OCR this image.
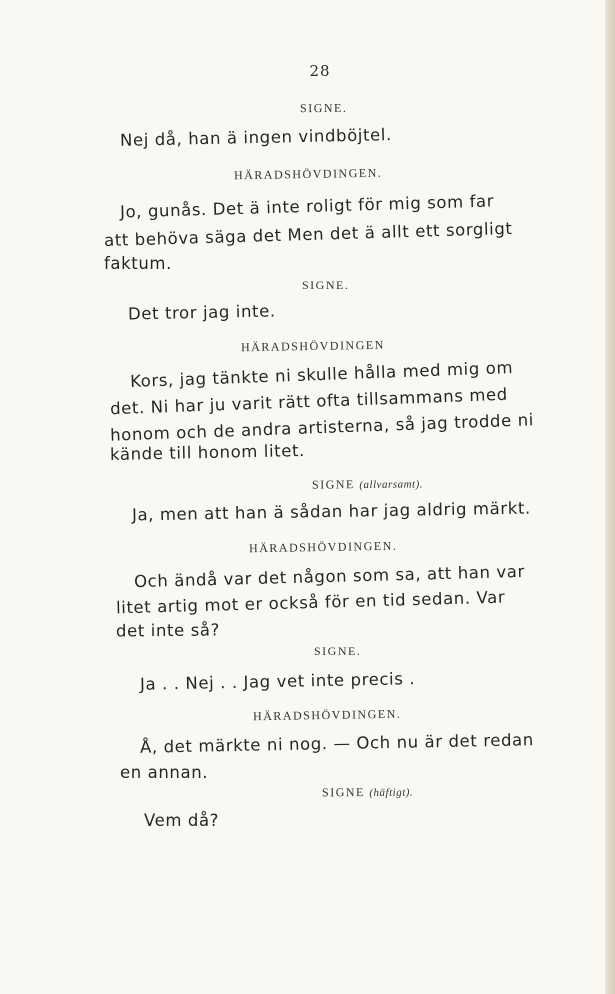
28
SIGNE.
Nej då, han ä ingen vindböjtel.
HÄRADSHÖVDINGEN.
Jo, gunås. Det ä inte roligt för mig som far
att behöva säga det Men det ä allt ett sorgligt
faktum.
SIGNE.
Det tror jag inte.
HÄRADSHÖVDINGEN
Kors, jag tänkte ni skulle hålla med mig om
det. Ni har ju varit rätt ofta tillsammans med
honom och de andra artisterna, så jag trodde ni
kände till honom litet.
SIGNE (allvarsamt).
Ja, men att han ä sådan har jag aldrig märkt.
HÄRADSHÖVDINGEN.
Och ändå var det någon som sa, att han var
litet artig mot er också för en tid sedan. Var
det inte så?
SIGNE.
Ja . . Nej . . Jag vet inte precis .
HÄRADSHÖVDINGEN.
Å, det märkte ni nog. — Och nu är det redan
en annan.
SIGNE (häftigt).
Vem då?
